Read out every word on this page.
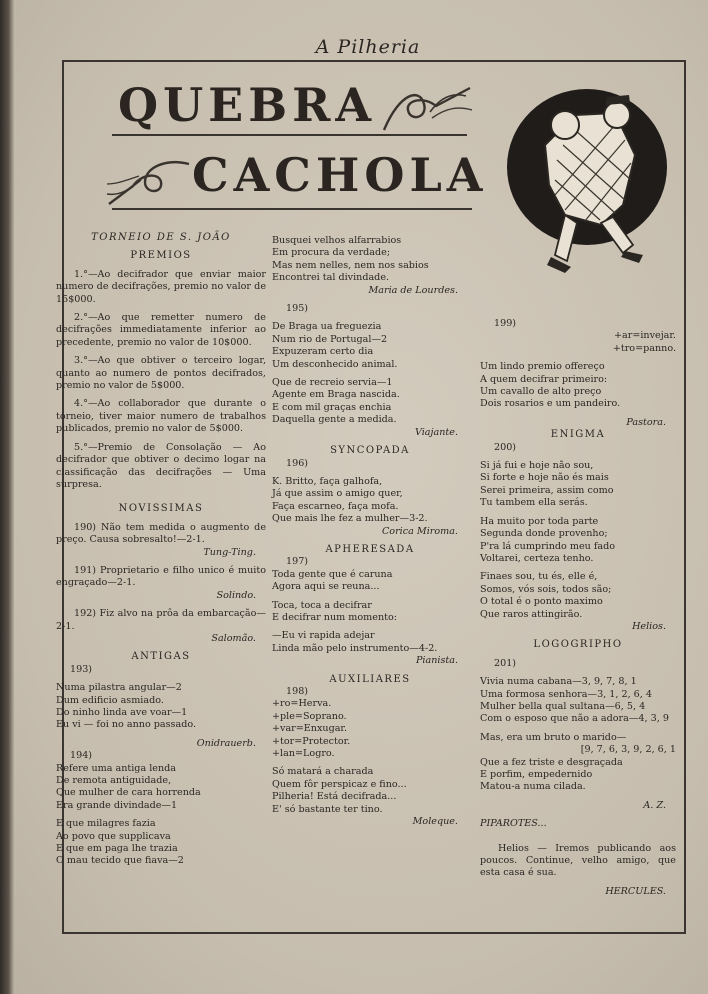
A Pilheria
QUEBRA
CACHOLA

TORNEIO DE S. JOÃO

PREMIOS

1.°—Ao decifrador que enviar maior numero de decifrações, premio no valor de 15$000.

2.°—Ao que remetter numero de decifrações immediatamente inferior ao precedente, premio no valor de 10$000.

3.°—Ao que obtiver o terceiro logar, quanto ao numero de pontos decifrados, premio no valor de 5$000.

4.°—Ao collaborador que durante o torneio, tiver maior numero de trabalhos publicados, premio no valor de 5$000.

5.°—Premio de Consolação — Ao decifrador que obtiver o decimo logar na classificação das decifrações — Uma surpresa.

NOVISSIMAS

190) Não tem medida o augmento de preço. Causa sobresalto!—2-1.

Tung-Ting.

191) Proprietario e filho unico é muito engraçado—2-1.

Solindo.

192) Fiz alvo na prôa da embarcação—2-1.

Salomão.

ANTIGAS

193)

Numa pilastra angular—2

Dum edificio asmiado.

Do ninho linda ave voar—1

Eu vi — foi no anno passado.

Onidrauerb.

194)

Refere uma antiga lenda

De remota antiguidade,

Que mulher de cara horrenda

Era grande divindade—1

E que milagres fazia

Ao povo que supplicava

E que em paga lhe trazia

O mau tecido que fiava—2

Busquei velhos alfarrabios

Em procura da verdade;

Mas nem nelles, nem nos sabios

Encontrei tal divindade.

Maria de Lourdes.

195)

De Braga ua freguezia

Num rio de Portugal—2

Expuzeram certo dia

Um desconhecido animal.

Que de recreio servia—1

Agente em Braga nascida.

E com mil graças enchia

Daquella gente a medida.

Viajante.

SYNCOPADA

196)

K. Britto, faça galhofa,

Já que assim o amigo quer,

Faça escarneo, faça mofa.

Que mais lhe fez a mulher—3-2.

Corica Miroma.

APHERESADA

197)

Toda gente que é caruna

Agora aqui se reuna...

Toca, toca a decifrar

E decifrar num momento:

—Eu vi rapida adejar

Linda mão pelo instrumento—4-2.

Pianista.

AUXILIARES

198)

+ro=Herva.

+ple=Soprano.

+var=Enxugar.

+tor=Protector.

+lan=Logro.

Só matará a charada

Quem fôr perspicaz e fino...

Pilheria! Está decifrada...

E' só bastante ter tino.

Moleque.

199)

+ar=invejar.

+tro=panno.

Um lindo premio offereço

A quem decifrar primeiro:

Um cavallo de alto preço

Dois rosarios e um pandeiro.

Pastora.

ENIGMA

200)

Si já fui e hoje não sou,

Si forte e hoje não és mais

Serei primeira, assim como

Tu tambem ella serás.

Ha muito por toda parte

Segunda donde provenho;

P'ra lá cumprindo meu fado

Voltarei, certeza tenho.

Finaes sou, tu és, elle é,

Somos, vós sois, todos são;

O total é o ponto maximo

Que raros attingirão.

Helios.

LOGOGRIPHO

201)

Vivia numa cabana—3, 9, 7, 8, 1

Uma formosa senhora—3, 1, 2, 6, 4

Mulher bella qual sultana—6, 5, 4

Com o esposo que não a adora—4, 3, 9

Mas, era um bruto o marido—

[9, 7, 6, 3, 9, 2, 6, 1

Que a fez triste e desgraçada

E porfim, empedernido

Matou-a numa cilada.

A. Z.

PIPAROTES...

Helios — Iremos publicando aos poucos. Continue, velho amigo, que esta casa é sua.

HERCULES.
